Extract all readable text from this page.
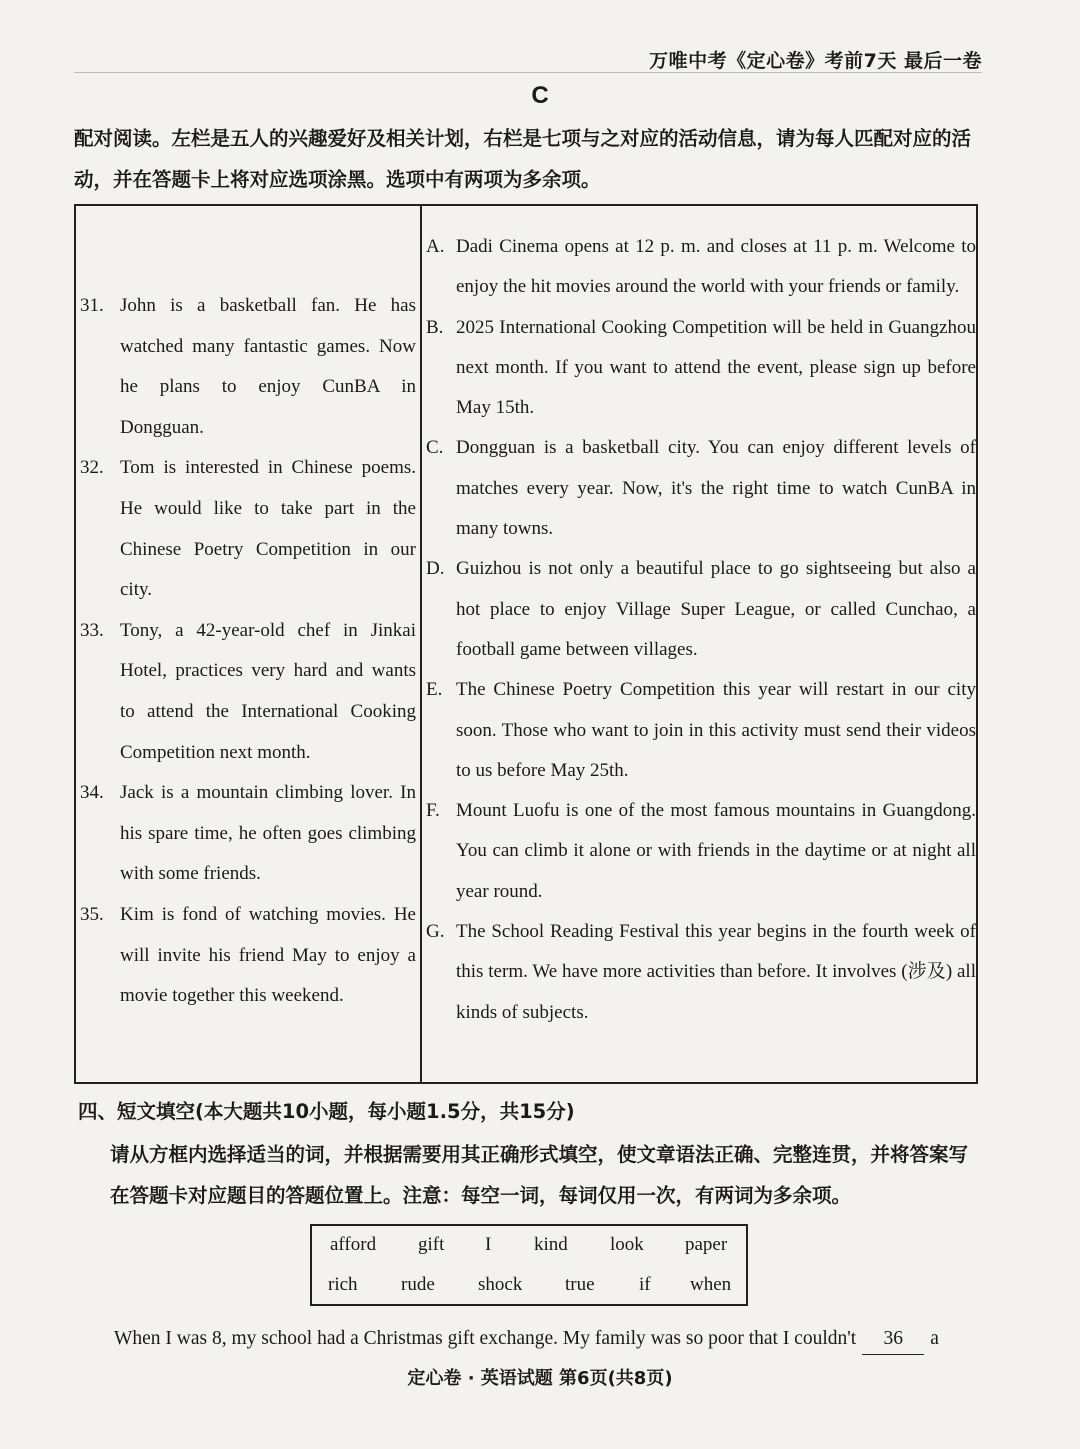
万唯中考《定心卷》考前7天 最后一卷
C
配对阅读。左栏是五人的兴趣爱好及相关计划，右栏是七项与之对应的活动信息，请为每人匹配对应的活动，并在答题卡上将对应选项涂黑。选项中有两项为多余项。
31. John is a basketball fan. He has watched many fantastic games. Now he plans to enjoy CunBA in Dongguan.
32. Tom is interested in Chinese poems. He would like to take part in the Chinese Poetry Competition in our city.
33. Tony, a 42-year-old chef in Jinkai Hotel, practices very hard and wants to attend the International Cooking Competition next month.
34. Jack is a mountain climbing lover. In his spare time, he often goes climbing with some friends.
35. Kim is fond of watching movies. He will invite his friend May to enjoy a movie together this weekend.
A. Dadi Cinema opens at 12 p. m. and closes at 11 p. m. Welcome to enjoy the hit movies around the world with your friends or family.
B. 2025 International Cooking Competition will be held in Guangzhou next month. If you want to attend the event, please sign up before May 15th.
C. Dongguan is a basketball city. You can enjoy different levels of matches every year. Now, it's the right time to watch CunBA in many towns.
D. Guizhou is not only a beautiful place to go sightseeing but also a hot place to enjoy Village Super League, or called Cunchao, a football game between villages.
E. The Chinese Poetry Competition this year will restart in our city soon. Those who want to join in this activity must send their videos to us before May 25th.
F. Mount Luofu is one of the most famous mountains in Guangdong. You can climb it alone or with friends in the daytime or at night all year round.
G. The School Reading Festival this year begins in the fourth week of this term. We have more activities than before. It involves (涉及) all kinds of subjects.
四、短文填空(本大题共10小题，每小题1.5分，共15分)
请从方框内选择适当的词，并根据需要用其正确形式填空，使文章语法正确、完整连贯，并将答案写在答题卡对应题目的答题位置上。注意：每空一词，每词仅用一次，有两词为多余项。
afford gift I kind look paper
rich rude shock true if when
When I was 8, my school had a Christmas gift exchange. My family was so poor that I couldn't 36 a
定心卷 · 英语试题 第6页(共8页)
